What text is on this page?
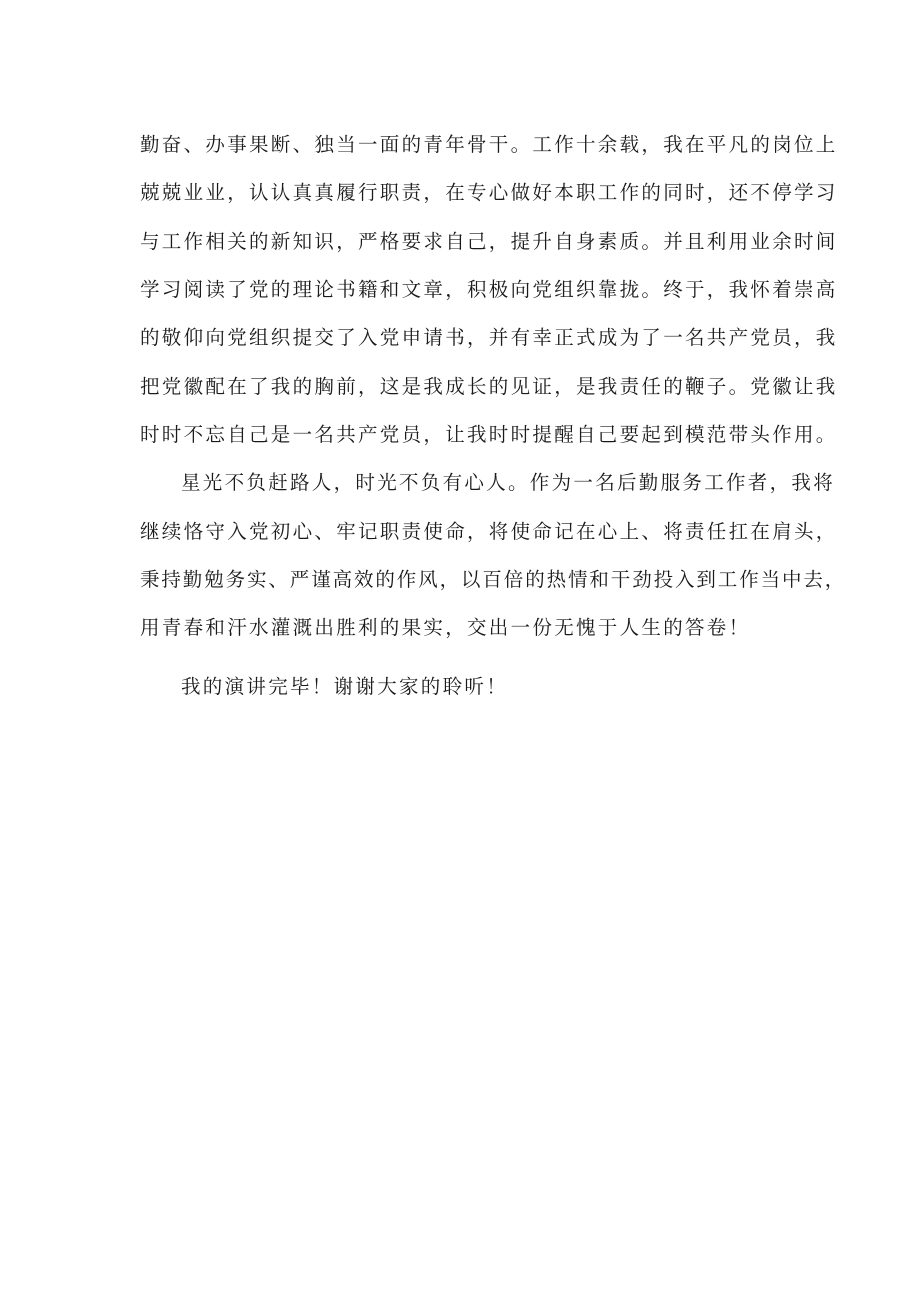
勤奋、办事果断、独当一面的青年骨干。工作十余载，我在平凡的岗位上
兢兢业业，认认真真履行职责，在专心做好本职工作的同时，还不停学习
与工作相关的新知识，严格要求自己，提升自身素质。并且利用业余时间
学习阅读了党的理论书籍和文章，积极向党组织靠拢。终于，我怀着崇高
的敬仰向党组织提交了入党申请书，并有幸正式成为了一名共产党员，我
把党徽配在了我的胸前，这是我成长的见证，是我责任的鞭子。党徽让我
时时不忘自己是一名共产党员，让我时时提醒自己要起到模范带头作用。
星光不负赶路人，时光不负有心人。作为一名后勤服务工作者，我将
继续恪守入党初心、牢记职责使命，将使命记在心上、将责任扛在肩头，
秉持勤勉务实、严谨高效的作风，以百倍的热情和干劲投入到工作当中去，
用青春和汗水灌溉出胜利的果实，交出一份无愧于人生的答卷！
我的演讲完毕！谢谢大家的聆听！
